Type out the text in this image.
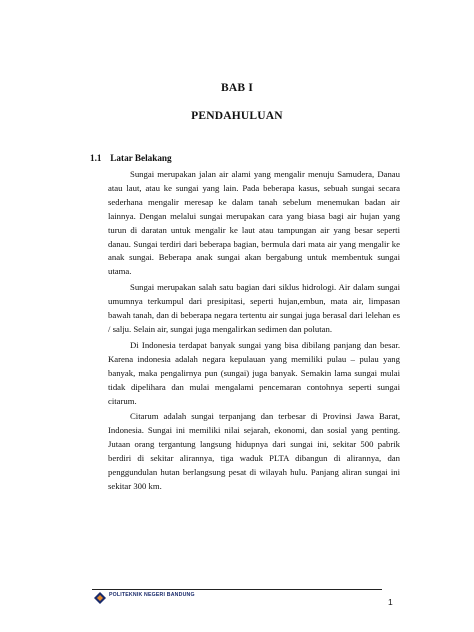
BAB I
PENDAHULUAN
1.1 Latar Belakang

Sungai merupakan jalan air alami yang mengalir menuju Samudera, Danau atau laut, atau ke sungai yang lain. Pada beberapa kasus, sebuah sungai secara sederhana mengalir meresap ke dalam tanah sebelum menemukan badan air lainnya. Dengan melalui sungai merupakan cara yang biasa bagi air hujan yang turun di daratan untuk mengalir ke laut atau tampungan air yang besar seperti danau. Sungai terdiri dari beberapa bagian, bermula dari mata air yang mengalir ke anak sungai. Beberapa anak sungai akan bergabung untuk membentuk sungai utama.

Sungai merupakan salah satu bagian dari siklus hidrologi. Air dalam sungai umumnya terkumpul dari presipitasi, seperti hujan,embun, mata air, limpasan bawah tanah, dan di beberapa negara tertentu air sungai juga berasal dari lelehan es / salju. Selain air, sungai juga mengalirkan sedimen dan polutan.

Di Indonesia terdapat banyak sungai yang bisa dibilang panjang dan besar. Karena indonesia adalah negara kepulauan yang memiliki pulau – pulau yang banyak, maka pengalirnya pun (sungai) juga banyak. Semakin lama sungai mulai tidak dipelihara dan mulai mengalami pencemaran contohnya seperti sungai citarum.

Citarum adalah sungai terpanjang dan terbesar di Provinsi Jawa Barat, Indonesia. Sungai ini memiliki nilai sejarah, ekonomi, dan sosial yang penting. Jutaan orang tergantung langsung hidupnya dari sungai ini, sekitar 500 pabrik berdiri di sekitar alirannya, tiga waduk PLTA dibangun di alirannya, dan penggundulan hutan berlangsung pesat di wilayah hulu. Panjang aliran sungai ini sekitar 300 km.

POLITEKNIK NEGERI BANDUNG
1
